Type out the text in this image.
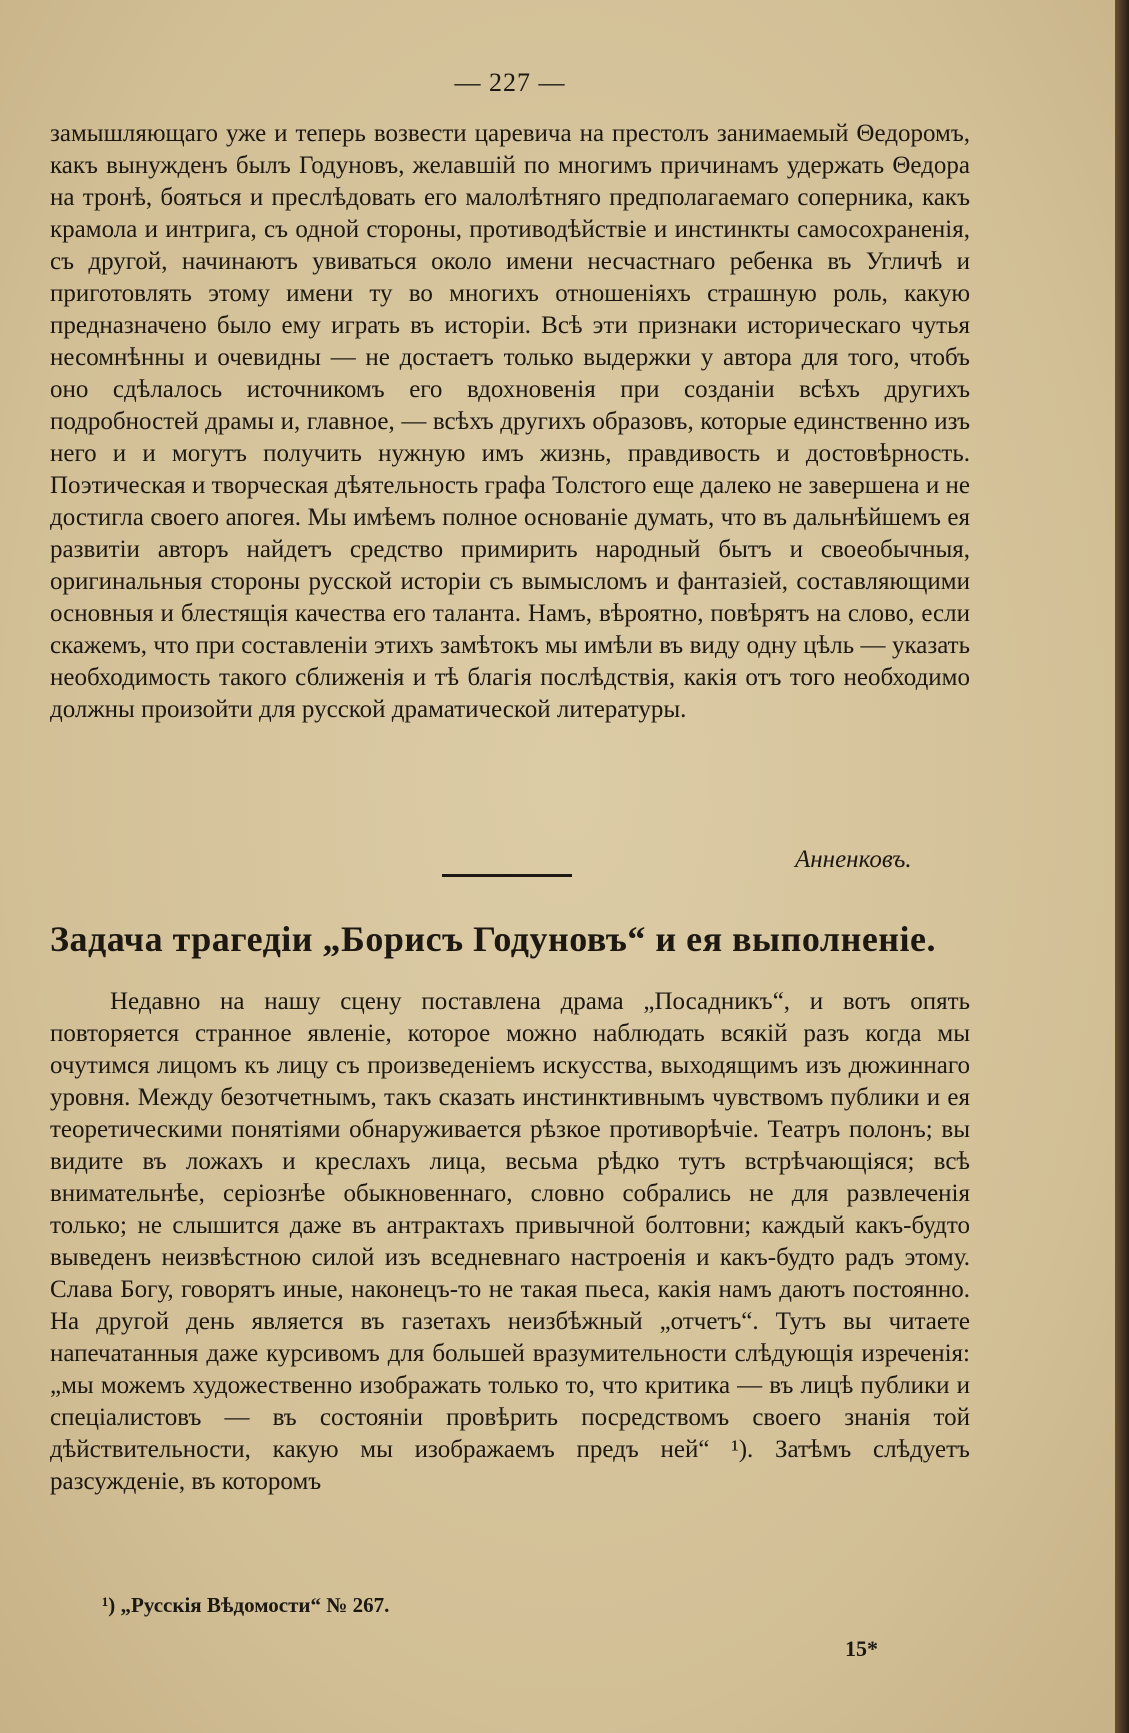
— 227 —

замышляющаго уже и теперь возвести царевича на престолъ занимаемый Θедоромъ, какъ вынужденъ былъ Годуновъ, желавшій по многимъ причинамъ удержать Θедора на тронѣ, бояться и преслѣдовать его малолѣтняго предполагаемаго соперника, какъ крамола и интрига, съ одной стороны, противодѣйствіе и инстинкты самосохраненія, съ другой, начинаютъ увиваться около имени несчастнаго ребенка въ Угличѣ и приготовлять этому имени ту во многихъ отношеніяхъ страшную роль, какую предназначено было ему играть въ исторіи. Всѣ эти признаки историческаго чутья несомнѣнны и очевидны — не достаетъ только выдержки у автора для того, чтобъ оно сдѣлалось источникомъ его вдохновенія при созданіи всѣхъ другихъ подробностей драмы и, главное, — всѣхъ другихъ образовъ, которые единственно изъ него и и могутъ получить нужную имъ жизнь, правдивость и достовѣрность. Поэтическая и творческая дѣятельность графа Толстого еще далеко не завершена и не достигла своего апогея. Мы имѣемъ полное основаніе думать, что въ дальнѣйшемъ ея развитіи авторъ найдетъ средство примирить народный бытъ и своеобычныя, оригинальныя стороны русской исторіи съ вымысломъ и фантазіей, составляющими основныя и блестящія качества его таланта. Намъ, вѣроятно, повѣрятъ на слово, если скажемъ, что при составленіи этихъ замѣтокъ мы имѣли въ виду одну цѣль — указать необходимость такого сближенія и тѣ благія послѣдствія, какія отъ того необходимо должны произойти для русской драматической литературы.

Анненковъ.
Задача трагедіи „Борисъ Годуновъ“ и ея выполненіе.

Недавно на нашу сцену поставлена драма „Посадникъ“, и вотъ опять повторяется странное явленіе, которое можно наблюдать всякій разъ когда мы очутимся лицомъ къ лицу съ произведеніемъ искусства, выходящимъ изъ дюжиннаго уровня. Между безотчетнымъ, такъ сказать инстинктивнымъ чувствомъ публики и ея теоретическими понятіями обнаруживается рѣзкое противорѣчіе. Театръ полонъ; вы видите въ ложахъ и креслахъ лица, весьма рѣдко тутъ встрѣчающіяся; всѣ внимательнѣе, серіознѣе обыкновеннаго, словно собрались не для развлеченія только; не слышится даже въ антрактахъ привычной болтовни; каждый какъ-будто выведенъ неизвѣстною силой изъ вседневнаго настроенія и какъ-будто радъ этому. Слава Богу, говорятъ иные, наконецъ-то не такая пьеса, какія намъ даютъ постоянно. На другой день является въ газетахъ неизбѣжный „отчетъ“. Тутъ вы читаете напечатанныя даже курсивомъ для большей вразумительности слѣдующія изреченія: „мы можемъ художественно изображать только то, что критика — въ лицѣ публики и спеціалистовъ — въ состояніи провѣрить посредствомъ своего знанія той дѣйствительности, какую мы изображаемъ предъ ней“ ¹). Затѣмъ слѣдуетъ разсужденіе, въ которомъ

¹) „Русскія Вѣдомости“ № 267.
15*
